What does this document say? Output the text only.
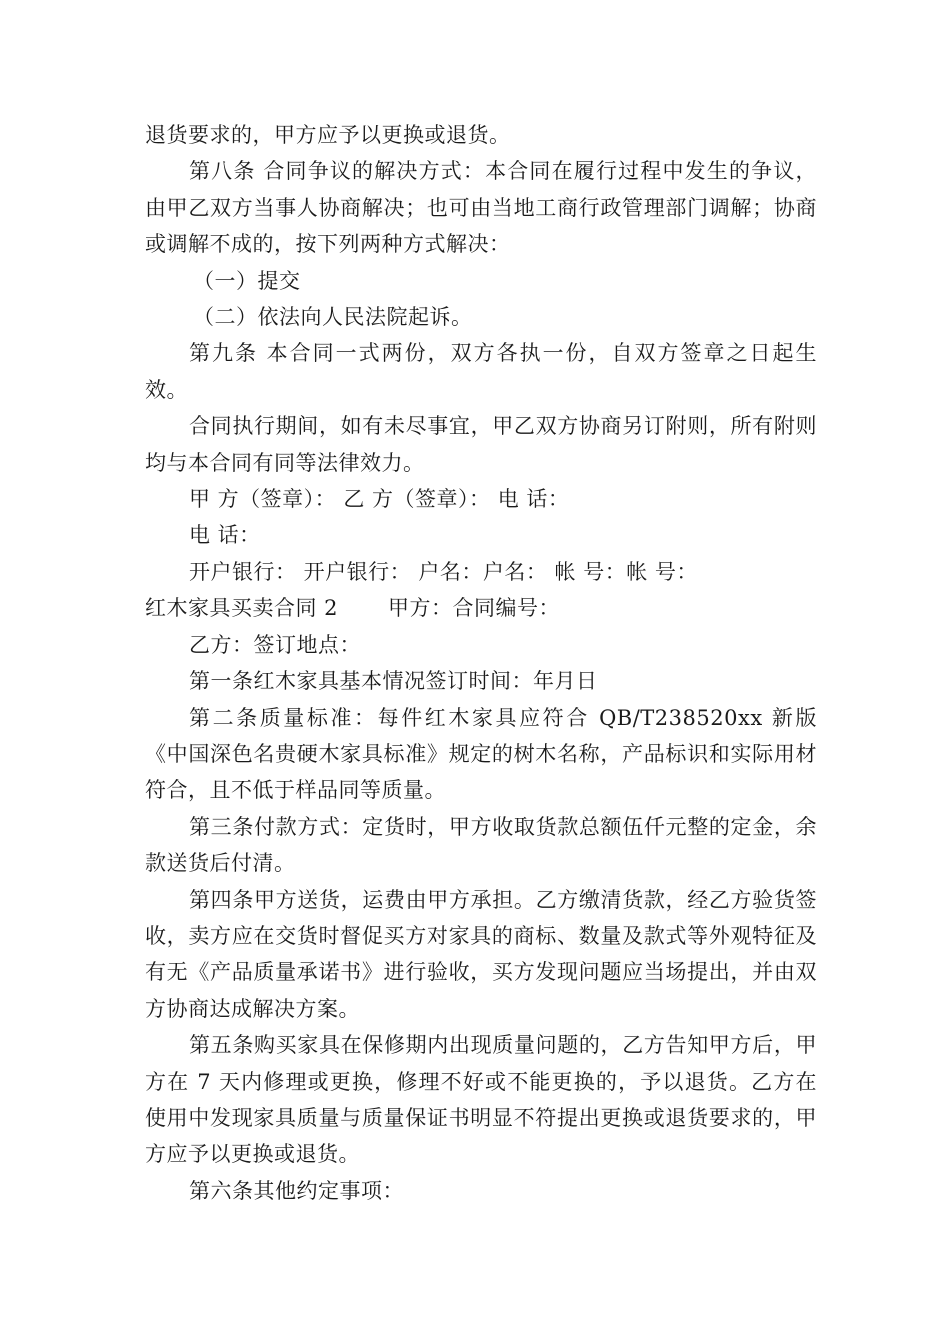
退货要求的，甲方应予以更换或退货。

第八条 合同争议的解决方式：本合同在履行过程中发生的争议，由甲乙双方当事人协商解决；也可由当地工商行政管理部门调解；协商或调解不成的，按下列两种方式解决：

（一）提交

（二）依法向人民法院起诉。

第九条 本合同一式两份，双方各执一份，自双方签章之日起生效。

合同执行期间，如有未尽事宜，甲乙双方协商另订附则，所有附则均与本合同有同等法律效力。

甲 方（签章）： 乙 方（签章）： 电 话：

电 话：

开户银行： 开户银行： 户名：户名： 帐 号：帐 号：

红木家具买卖合同 2 甲方：合同编号：

乙方：签订地点：

第一条红木家具基本情况签订时间：年月日

第二条质量标准：每件红木家具应符合 QB/T238520xx 新版《中国深色名贵硬木家具标准》规定的树木名称，产品标识和实际用材符合，且不低于样品同等质量。

第三条付款方式：定货时，甲方收取货款总额伍仟元整的定金，余款送货后付清。

第四条甲方送货，运费由甲方承担。乙方缴清货款，经乙方验货签收，卖方应在交货时督促买方对家具的商标、数量及款式等外观特征及有无《产品质量承诺书》进行验收，买方发现问题应当场提出，并由双方协商达成解决方案。

第五条购买家具在保修期内出现质量问题的，乙方告知甲方后，甲方在 7 天内修理或更换，修理不好或不能更换的，予以退货。乙方在使用中发现家具质量与质量保证书明显不符提出更换或退货要求的，甲方应予以更换或退货。

第六条其他约定事项：
